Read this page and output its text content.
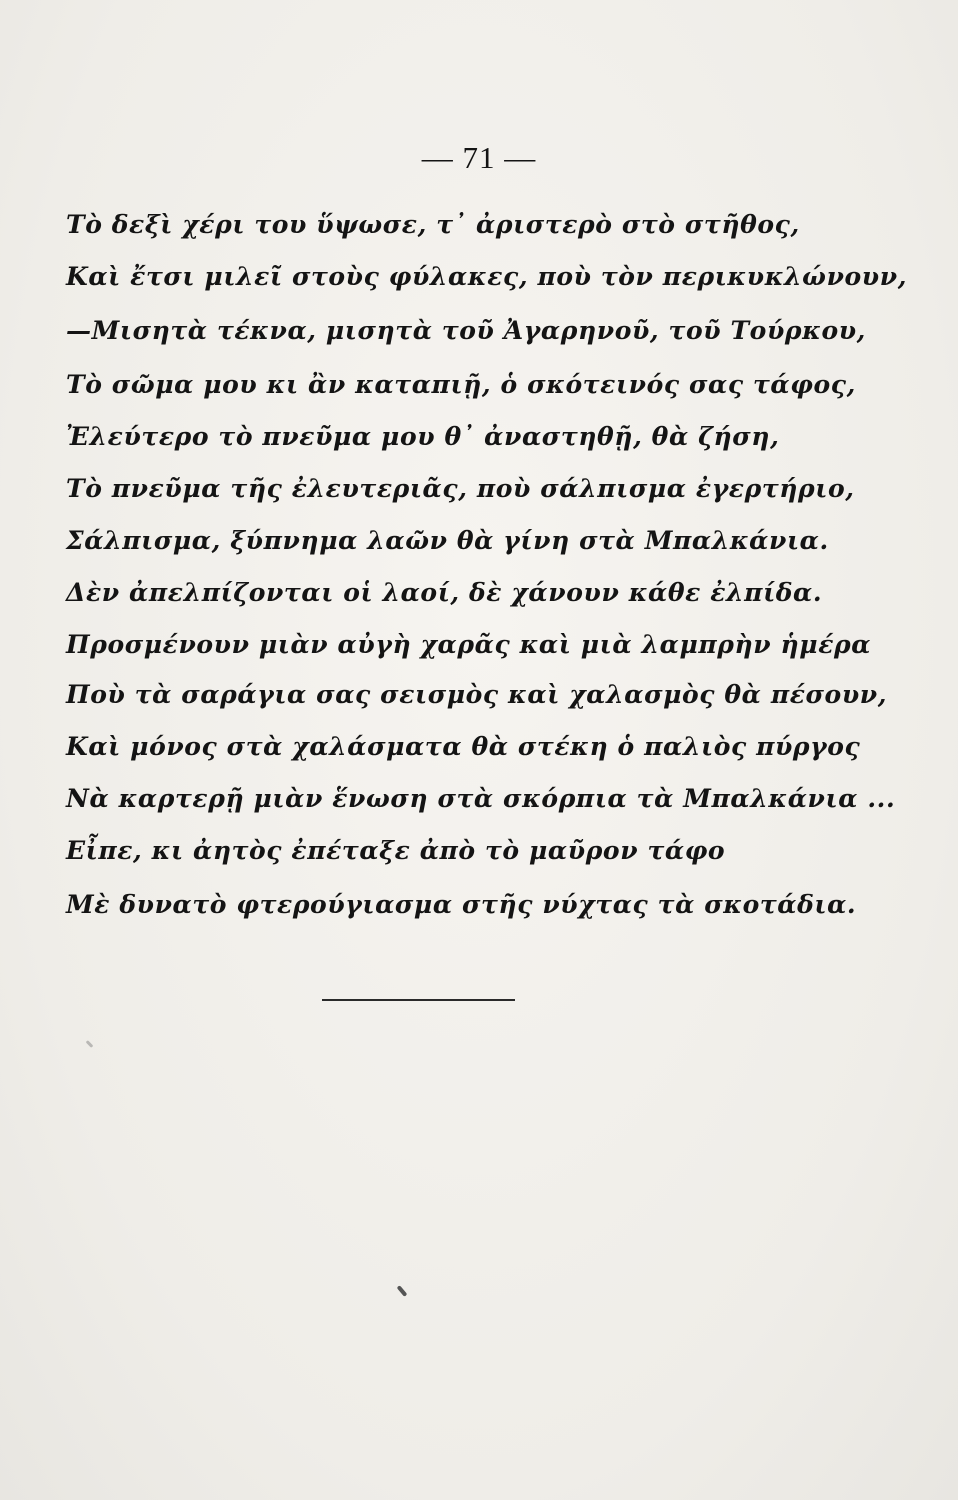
— 71 —
Τὸ δεξὶ χέρι του ὕψωσε, τ᾽ ἀριστερὸ στὸ στῆθος,
Καὶ ἔτσι μιλεῖ στοὺς φύλακες, ποὺ τὸν περικυκλώνουν,
—Μισητὰ τέκνα, μισητὰ τοῦ Ἀγαρηνοῦ, τοῦ Τούρκου,
Τὸ σῶμα μου κι ἂν καταπιῇ, ὁ σκότεινός σας τάφος,
Ἐλεύτερο τὸ πνεῦμα μου θ᾽ ἀναστηθῇ, θὰ ζήση,
Τὸ πνεῦμα τῆς ἐλευτεριᾶς, ποὺ σάλπισμα ἐγερτήριο,
Σάλπισμα, ξύπνημα λαῶν θὰ γίνη στὰ Μπαλκάνια.
Δὲν ἀπελπίζονται οἱ λαοί, δὲ χάνουν κάθε ἐλπίδα.
Προσμένουν μιὰν αὐγὴ χαρᾶς καὶ μιὰ λαμπρὴν ἡμέρα
Ποὺ τὰ σαράγια σας σεισμὸς καὶ χαλασμὸς θὰ πέσουν,
Καὶ μόνος στὰ χαλάσματα θὰ στέκη ὁ παλιὸς πύργος
Νὰ καρτερῇ μιὰν ἕνωση στὰ σκόρπια τὰ Μπαλκάνια ...
Εἶπε, κι ἀητὸς ἐπέταξε ἀπὸ τὸ μαῦρον τάφο
Μὲ δυνατὸ φτερούγιασμα στῆς νύχτας τὰ σκοτάδια.
